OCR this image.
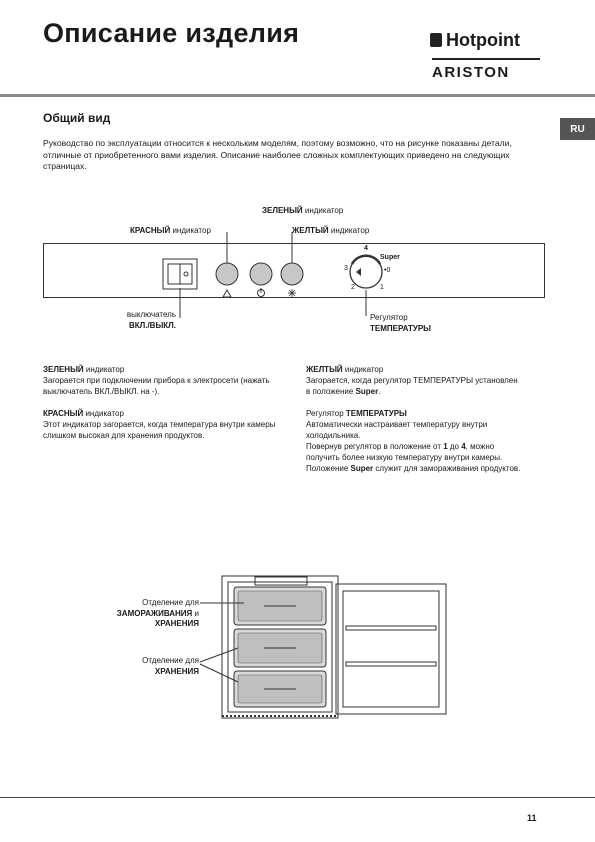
Описание изделия	Hotpoint
ARISTON
Общий вид
RU
Руководство по эксплуатации относится к нескольким моделям, поэтому возможно, что на рисунке показаны детали, отличные от приобретенного вами изделия. Описание наиболее сложных комплектующих приведено на следующих страницах.
ЗЕЛЕНЫЙ индикатор
КРАСНЫЙ индикатор	ЖЕЛТЫЙ индикатор
выключатель
ВКЛ./ВЫКЛ.
Регулятор
ТЕМПЕРАТУРЫ
4
Super
•0
3
2	1
ЗЕЛЕНЫЙ индикатор
Загорается при подключении прибора к электросети (нажать выключатель ВКЛ./ВЫКЛ. на -).
КРАСНЫЙ индикатор
Этот индикатор загорается, когда температура внутри камеры слишком высокая для хранения продуктов.
ЖЕЛТЫЙ индикатор
Загорается, когда регулятор ТЕМПЕРАТУРЫ установлен в положение Super.
Регулятор ТЕМПЕРАТУРЫ
Автоматически настраивает температуру внутри холодильника.
Повернув регулятор в положение от 1 до 4, можно получить более низкую температуру внутри камеры.
Положение Super служит для замораживания продуктов.
Отделение для
ЗАМОРАЖИВАНИЯ и
ХРАНЕНИЯ
Отделение для
ХРАНЕНИЯ
11
